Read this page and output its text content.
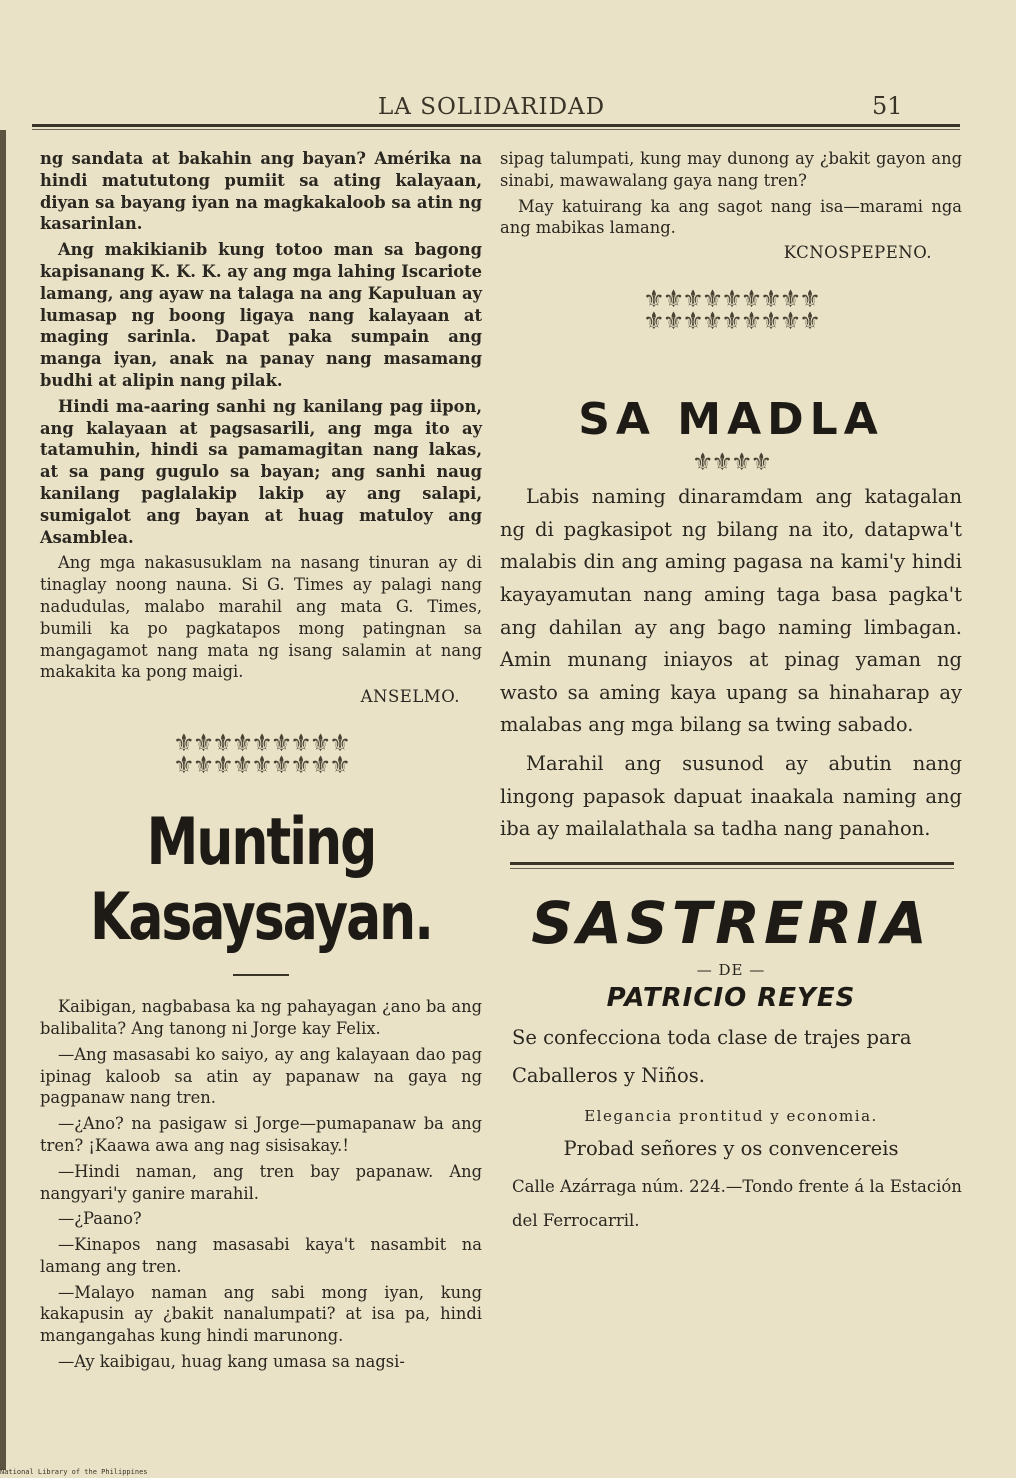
LA SOLIDARIDAD	51

ng sandata at bakahin ang bayan? Amérika na hindi matututong pumiit sa ating kalayaan, diyan sa bayang iyan na magkakaloob sa atin ng kasarinlan.

Ang makikianib kung totoo man sa bagong kapisanang K. K. K. ay ang mga lahing Iscariote lamang, ang ayaw na talaga na ang Kapuluan ay lumasap ng boong ligaya nang kalayaan at maging sarinla. Dapat paka sumpain ang manga iyan, anak na panay nang masamang budhi at alipin nang pilak.

Hindi ma-aaring sanhi ng kanilang pag iipon, ang kalayaan at pagsasarili, ang mga ito ay tatamuhin, hindi sa pamamagitan nang lakas, at sa pang gugulo sa bayan; ang sanhi naug kanilang paglalakip lakip ay ang salapi, sumigalot ang bayan at huag matuloy ang Asamblea.

Ang mga nakasusuklam na nasang tinuran ay di tinaglay noong nauna. Si G. Times ay palagi nang nadudulas, malabo marahil ang mata G. Times, bumili ka po pagkatapos mong patingnan sa mangagamot nang mata ng isang salamin at nang makakita ka pong maigi.

ANSELMO.
⚜⚜⚜⚜⚜⚜⚜⚜⚜
⚜⚜⚜⚜⚜⚜⚜⚜⚜
Munting Kasaysayan.

Kaibigan, nagbabasa ka ng pahayagan ¿ano ba ang balibalita? Ang tanong ni Jorge kay Felix.

—Ang masasabi ko saiyo, ay ang kalayaan dao pag ipinag kaloob sa atin ay papanaw na gaya ng pagpanaw nang tren.

—¿Ano? na pasigaw si Jorge—pumapanaw ba ang tren? ¡Kaawa awa ang nag sisisakay.!

—Hindi naman, ang tren bay papanaw. Ang nangyari'y ganire marahil.

—¿Paano?

—Kinapos nang masasabi kaya't nasambit na lamang ang tren.

—Malayo naman ang sabi mong iyan, kung kakapusin ay ¿bakit nanalumpati? at isa pa, hindi mangangahas kung hindi marunong.

—Ay kaibigau, huag kang umasa sa nagsi-

sipag talumpati, kung may dunong ay ¿bakit gayon ang sinabi, mawawalang gaya nang tren?

May katuirang ka ang sagot nang isa—marami nga ang mabikas lamang.

KCNOSPEPENO.
⚜⚜⚜⚜⚜⚜⚜⚜⚜
⚜⚜⚜⚜⚜⚜⚜⚜⚜
SA MADLA
⚜⚜⚜⚜

Labis naming dinaramdam ang katagalan ng di pagkasipot ng bilang na ito, datapwa't malabis din ang aming pagasa na kami'y hindi kayayamutan nang aming taga basa pagka't ang dahilan ay ang bago naming limbagan. Amin munang iniayos at pinag yaman ng wasto sa aming kaya upang sa hinaharap ay malabas ang mga bilang sa twing sabado.

Marahil ang susunod ay abutin nang lingong papasok dapuat inaakala naming ang iba ay mailalathala sa tadha nang panahon.

SASTRERIA
— DE —
PATRICIO REYES
Se confecciona toda clase de trajes para Caballeros y Niños.
Elegancia prontitud y economia.
Probad señores y os convencereis
Calle Azárraga núm. 224.—Tondo frente á la Estación del Ferrocarril.
National Library of the Philippines
